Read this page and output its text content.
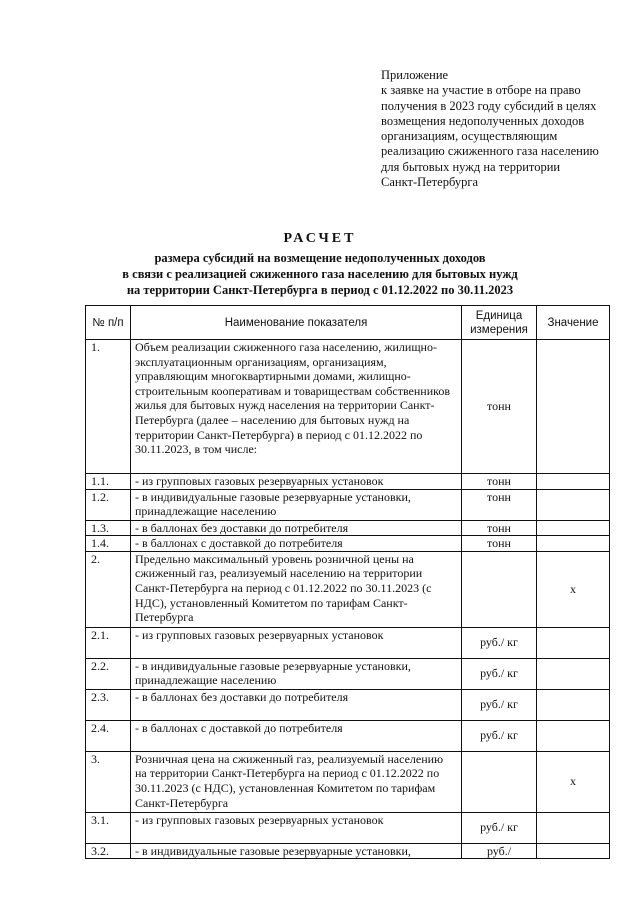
Приложение
к заявке на участие в отборе на право
получения в 2023 году субсидий в целях
возмещения недополученных доходов
организациям, осуществляющим
реализацию сжиженного газа населению
для бытовых нужд на территории
Санкт-Петербурга
РАСЧЕТ
размера субсидий на возмещение недополученных доходов
в связи с реализацией сжиженного газа населению для бытовых нужд
на территории Санкт-Петербурга в период с 01.12.2022 по 30.11.2023
№ п/п	Наименование показателя	Единица измерения	Значение
1.	Объем реализации сжиженного газа населению, жилищно-эксплуатационным организациям, организациям, управляющим многоквартирными домами, жилищно-строительным кооперативам и товариществам собственников жилья для бытовых нужд населения на территории Санкт-Петербурга (далее – населению для бытовых нужд на территории Санкт-Петербурга) в период с 01.12.2022 по 30.11.2023, в том числе:	тонн	
1.1.	- из групповых газовых резервуарных установок	тонн	
1.2.	- в индивидуальные газовые резервуарные установки, принадлежащие населению	тонн	
1.3.	- в баллонах без доставки до потребителя	тонн	
1.4.	- в баллонах с доставкой до потребителя	тонн	
2.	Предельно максимальный уровень розничной цены на сжиженный газ, реализуемый населению на территории Санкт-Петербурга на период с 01.12.2022 по 30.11.2023 (с НДС), установленный Комитетом по тарифам Санкт-Петербурга		х
2.1.	- из групповых газовых резервуарных установок	руб./ кг	
2.2.	- в индивидуальные газовые резервуарные установки, принадлежащие населению	руб./ кг	
2.3.	- в баллонах без доставки до потребителя	руб./ кг	
2.4.	- в баллонах с доставкой до потребителя	руб./ кг	
3.	Розничная цена на сжиженный газ, реализуемый населению на территории Санкт-Петербурга на период с 01.12.2022 по 30.11.2023 (с НДС), установленная Комитетом по тарифам Санкт-Петербурга		х
3.1.	- из групповых газовых резервуарных установок	руб./ кг	
3.2.	- в индивидуальные газовые резервуарные установки,	руб./	
